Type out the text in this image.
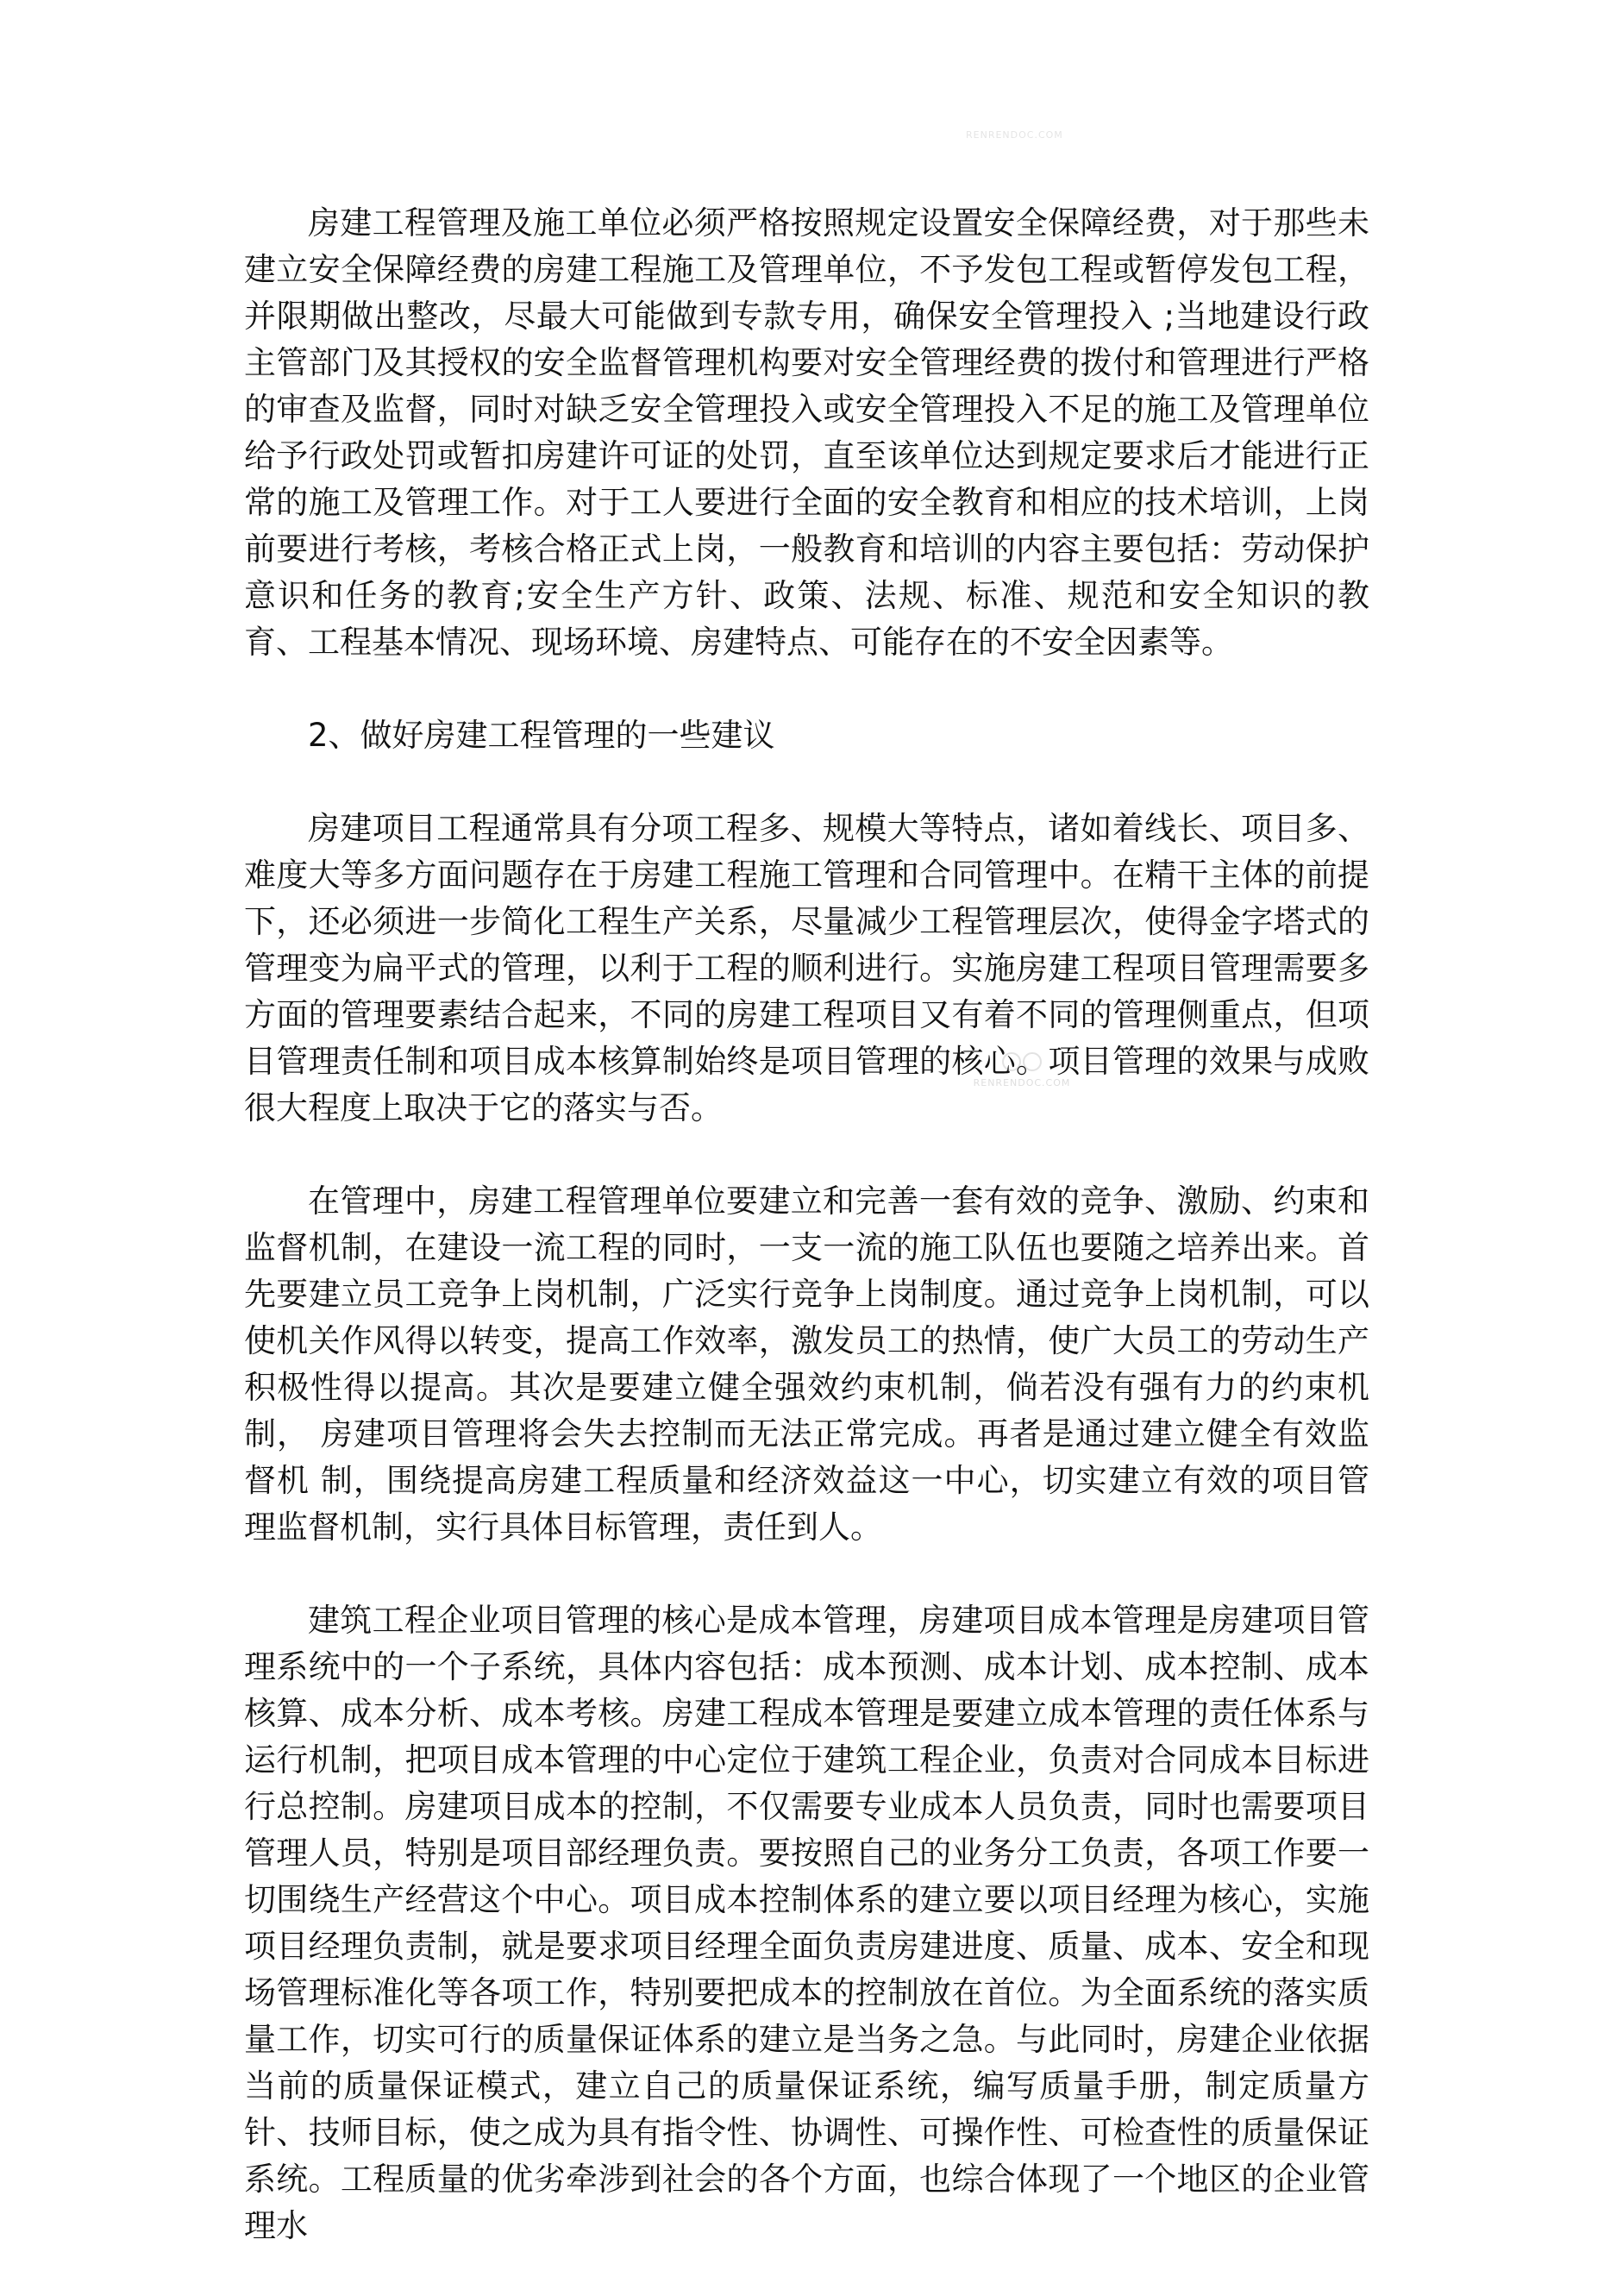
RENRENDOC.COM

房建工程管理及施工单位必须严格按照规定设置安全保障经费，对于那些未建立安全保障经费的房建工程施工及管理单位，不予发包工程或暂停发包工程，并限期做出整改，尽最大可能做到专款专用，确保安全管理投入 ;当地建设行政主管部门及其授权的安全监督管理机构要对安全管理经费的拨付和管理进行严格的审查及监督，同时对缺乏安全管理投入或安全管理投入不足的施工及管理单位给予行政处罚或暂扣房建许可证的处罚，直至该单位达到规定要求后才能进行正常的施工及管理工作。对于工人要进行全面的安全教育和相应的技术培训，上岗前要进行考核，考核合格正式上岗，一般教育和培训的内容主要包括：劳动保护意识和任务的教育;安全生产方针、政策、法规、标准、规范和安全知识的教育、工程基本情况、现场环境、房建特点、可能存在的不安全因素等。

2、做好房建工程管理的一些建议

房建项目工程通常具有分项工程多、规模大等特点，诸如着线长、项目多、难度大等多方面问题存在于房建工程施工管理和合同管理中。在精干主体的前提下，还必须进一步简化工程生产关系，尽量减少工程管理层次，使得金字塔式的管理变为扁平式的管理，以利于工程的顺利进行。实施房建工程项目管理需要多方面的管理要素结合起来，不同的房建工程项目又有着不同的管理侧重点，但项目管理责任制和项目成本核算制始终是项目管理的核心。项目管理的效果与成败很大程度上取决于它的落实与否。

在管理中，房建工程管理单位要建立和完善一套有效的竞争、激励、约束和监督机制，在建设一流工程的同时，一支一流的施工队伍也要随之培养出来。首先要建立员工竞争上岗机制，广泛实行竞争上岗制度。通过竞争上岗机制，可以使机关作风得以转变，提高工作效率，激发员工的热情，使广大员工的劳动生产积极性得以提高。其次是要建立健全强效约束机制，倘若没有强有力的约束机制， 房建项目管理将会失去控制而无法正常完成。再者是通过建立健全有效监督机 制，围绕提高房建工程质量和经济效益这一中心，切实建立有效的项目管理监督机制，实行具体目标管理，责任到人。

建筑工程企业项目管理的核心是成本管理，房建项目成本管理是房建项目管理系统中的一个子系统，具体内容包括：成本预测、成本计划、成本控制、成本核算、成本分析、成本考核。房建工程成本管理是要建立成本管理的责任体系与运行机制，把项目成本管理的中心定位于建筑工程企业，负责对合同成本目标进行总控制。房建项目成本的控制，不仅需要专业成本人员负责，同时也需要项目管理人员，特别是项目部经理负责。要按照自己的业务分工负责，各项工作要一切围绕生产经营这个中心。项目成本控制体系的建立要以项目经理为核心，实施项目经理负责制，就是要求项目经理全面负责房建进度、质量、成本、安全和现场管理标准化等各项工作，特别要把成本的控制放在首位。为全面系统的落实质量工作，切实可行的质量保证体系的建立是当务之急。与此同时，房建企业依据当前的质量保证模式，建立自己的质量保证系统，编写质量手册，制定质量方针、技师目标，使之成为具有指令性、协调性、可操作性、可检查性的质量保证系统。工程质量的优劣牵涉到社会的各个方面，也综合体现了一个地区的企业管理水

RENRENDOC.COM
